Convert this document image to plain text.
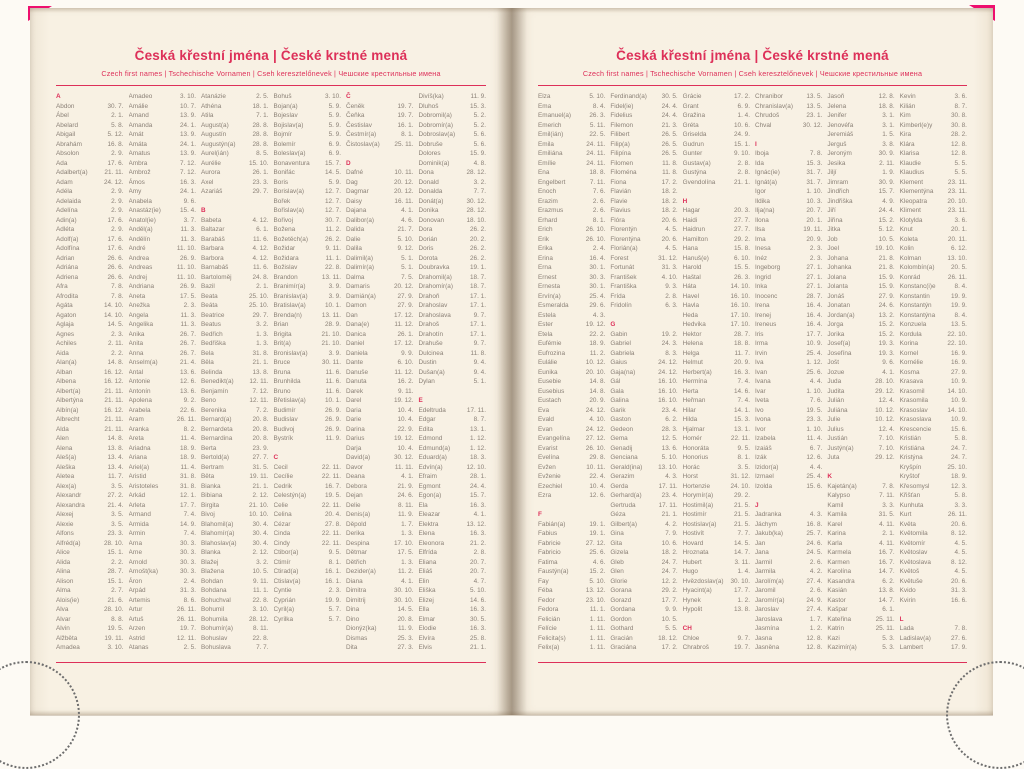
Česká křestní jména | České krstné mená
Czech first names | Tschechische Vornamen | Cseh keresztelőnevek | Чешские крестильные имена
A
Abdon	30. 7.
Ábel	2. 1.
Abelard	5. 8.
Abigail	5. 12.
Abrahám	16. 8.
Absolon	2. 9.
Ada	17. 6.
Adalbert(a)	21. 11.
Adam	24. 12.
Adéla	2. 9.
Adelaida	2. 9.
Adelína	2. 9.
Adin(a)	17. 6.
Adléta	2. 9.
Adolf(a)	17. 6.
Adolfína	17. 6.
Adrian	26. 6.
Adriána	26. 6.
Adriena	26. 6.
Afra	7. 8.
Afrodita	7. 8.
Agáta	14. 10.
Agaton	14. 10.
Aglaja	14. 5.
Agnes	2. 3.
Achiles	2. 11.
Aida	2. 2.
Alan(a)	14. 8.
Alban	16. 12.
Albena	16. 12.
Albert(a)	21. 11.
Albertýna	21. 11.
Albín(a)	16. 12.
Albrecht	21. 11.
Alda	21. 11.
Alen	14. 8.
Alena	13. 8.
Aleš(a)	13. 4.
Aleška	13. 4.
Aletea	11. 7.
Alex(a)	3. 5.
Alexandr	27. 2.
Alexandra	21. 4.
Alexej	3. 5.
Alexie	3. 5.
Alfons	23. 3.
Alfréd(a)	28. 10.
Alice	15. 1.
Alida	2. 2.
Alina	28. 7.
Alison	15. 1.
Alma	2. 7.
Alois(ie)	21. 6.
Alva	28. 10.
Alvar	8. 8.
Alvin	19. 5.
Alžběta	19. 11.
Amadea	3. 10.
Amadeo	3. 10.
Amálie	10. 7.
Amand	13. 9.
Amanda	24. 1.
Amát	13. 9.
Amáta	24. 1.
Amatus	13. 9.
Ambra	7. 12.
Ambrož	7. 12.
Ámos	16. 3.
Amy	24. 1.
Anabela	9. 6.
Anastáz(ie)	15. 4.
Anatol(ie)	3. 7.
Anděl(a)	11. 3.
Andělín	11. 3.
André	11. 10.
Andrea	26. 9.
Andreas	11. 10.
Andrej	11. 10.
Andriana	26. 9.
Aneta	17. 5.
Anežka	2. 3.
Angela	11. 3.
Angelika	11. 3.
Anika	26. 7.
Anita	26. 7.
Anna	26. 7.
Anselm(a)	21. 4.
Antal	13. 6.
Antonie	12. 6.
Antonín	13. 6.
Apolena	9. 2.
Arabela	22. 6.
Aram	26. 11.
Aranka	8. 2.
Areta	11. 4.
Ariadna	18. 9.
Ariana	18. 9.
Ariel(a)	11. 4.
Aristid	31. 8.
Aristoteles	31. 8.
Arkád	12. 1.
Arleta	17. 7.
Armand	7. 4.
Armida	14. 9.
Armin	7. 4.
Arna	30. 3.
Arne	30. 3.
Arnold	30. 3.
Arnošt(ka)	30. 3.
Áron	2. 4.
Arpád	31. 3.
Artemis	8. 6.
Artur	26. 11.
Artuš	26. 11.
Arzen	19. 7.
Astrid	12. 11.
Atanas	2. 5.
Atanázie	2. 5.
Athéna	18. 1.
Atila	7. 1.
August(a)	28. 8.
Augustín	28. 8.
Augustýn(a)	28. 8.
Aurel(ián)	8. 5.
Aurélie	15. 10.
Aurora	26. 1.
Axel	23. 3.
Azariáš	29. 7.
B
Babeta	4. 12.
Baltazar	6. 1.
Barabáš	11. 6.
Barbara	4. 12.
Barbora	4. 12.
Barnabáš	11. 6.
Bartoloměj	24. 8.
Bazil	2. 1.
Beata	25. 10.
Beáta	25. 10.
Beatrice	29. 7.
Beatus	3. 2.
Bedřich	1. 3.
Bedřiška	1. 3.
Bela	31. 8.
Běla	21. 1.
Belinda	13. 8.
Benedikt(a)	12. 11.
Benjamín	7. 12.
Beno	12. 11.
Berenika	7. 2.
Bernard(a)	20. 8.
Bernardeta	20. 8.
Bernardina	20. 8.
Berta	23. 9.
Bertold(a)	27. 7.
Bertram	31. 5.
Běta	19. 11.
Bianka	21. 1.
Bibiana	2. 12.
Birgita	21. 10.
Bivoj	10. 10.
Blahomil(a)	30. 4.
Blahomír(a)	30. 4.
Blahoslav(a)	30. 4.
Blanka	2. 12.
Blažej	3. 2.
Blažena	10. 5.
Bohdan	9. 11.
Bohdana	11. 1.
Bohuchval	22. 8.
Bohumil	3. 10.
Bohumila	28. 12.
Bohumír(a)	8. 11.
Bohuslav	22. 8.
Bohuslava	7. 7.
Bohuš	3. 10.
Bojan(a)	5. 9.
Bojeslav	5. 9.
Bojislav(a)	5. 9.
Bojmír	5. 9.
Bolemír	6. 9.
Boleslav(a)	6. 9.
Bonaventura	15. 7.
Bonifác	14. 5.
Boris	5. 9.
Borislav(a)	12. 7.
Bořek	12. 7.
Bořislav(a)	12. 7.
Bořivoj	30. 7.
Božena	11. 2.
Božetěch(a)	26. 2.
Božidar	9. 11.
Božidara	11. 1.
Božislav	22. 8.
Brandon	13. 11.
Branimír(a)	3. 9.
Branislav(a)	3. 9.
Bratislav(a)	10. 1.
Brenda(n)	13. 11.
Brian	28. 9.
Brigita	21. 10.
Brit(a)	21. 10.
Bronislav(a)	3. 9.
Bruce	30. 11.
Bruna	11. 6.
Brunhilda	11. 6.
Bruno	11. 6.
Břetislav(a)	10. 1.
Budimír	26. 9.
Budislav	26. 9.
Budivoj	26. 9.
Bystrík	11. 9.
C
Cecil	22. 11.
Cecílie	22. 11.
Cedrik	16. 7.
Celestýn(a)	19. 5.
Celie	22. 11.
Celina	20. 4.
Cézar	27. 8.
Cinda	22. 11.
Cindy	22. 11.
Ctibor(a)	9. 5.
Ctimír	8. 1.
Ctirad(a)	16. 1.
Ctislav(a)	16. 1.
Cyntie	2. 3.
Cyprián	19. 9.
Cyril(a)	5. 7.
Cyrilka	5. 7.
Č
Čeněk	19. 7.
Čeňka	19. 7.
Čestislav	16. 1.
Čestmír(a)	8. 1.
Čistoslav(a)	25. 11.
D
Dafné	10. 11.
Dag	20. 12.
Dagmar	20. 12.
Daisy	16. 11.
Dajana	4. 1.
Dalibor(a)	4. 6.
Dalida	21. 7.
Dalie	5. 10.
Dalila	9. 12.
Dalimil(a)	5. 1.
Dalimír(a)	5. 1.
Dalma	7. 5.
Damaris	20. 12.
Damián(a)	27. 9.
Damon	27. 9.
Dan	17. 12.
Dana(e)	11. 12.
Danica	26. 1.
Daniel	17. 12.
Daniela	9. 9.
Dante	6. 10.
Danuše	11. 12.
Danuta	16. 2.
Darek	9. 11.
Darel	19. 12.
Daria	10. 4.
Darie	10. 4.
Darina	22. 9.
Darius	19. 12.
Darja	10. 4.
David(a)	30. 12.
Davor	11. 11.
Deana	4. 1.
Debora	21. 9.
Dejan	24. 6.
Delie	8. 11.
Denis(a)	11. 9.
Děpold	1. 7.
Derika	1. 3.
Despina	17. 10.
Dětmar	17. 5.
Dětřich	1. 3.
Dezider(a)	11. 2.
Diana	4. 1.
Dimitra	30. 10.
Dimitrij	30. 10.
Dina	14. 5.
Dino	20. 8.
Dionýz(ka)	11. 9.
Dismas	25. 3.
Dita	27. 3.
Divíš(ka)	11. 9.
Dluhoš	15. 3.
Dobromil(a)	5. 2.
Dobromír(a)	5. 2.
Dobroslav(a)	5. 6.
Dobruše	5. 6.
Dolores	15. 9.
Dominik(a)	4. 8.
Dona	28. 12.
Donald	3. 2.
Donalda	7. 7.
Donát(a)	30. 12.
Donika	28. 12.
Donovan	18. 10.
Dora	26. 2.
Dorián	20. 2.
Doris	26. 2.
Dorota	26. 2.
Doubravka	19. 1.
Drahomil(a)	18. 7.
Drahomír(a)	18. 7.
Drahoň	17. 1.
Drahoslav	17. 1.
Drahoslava	9. 7.
Drahoš	17. 1.
Drahotín	17. 1.
Drahuše	9. 7.
Dulcinea	11. 8.
Dustin	9. 4.
Dušan(a)	9. 4.
Dylan	5. 1.
E
Edeltruda	17. 11.
Edgar	8. 7.
Edita	13. 1.
Edmond	1. 12.
Edmund(a)	1. 12.
Eduard(a)	18. 3.
Edvín(a)	12. 10.
Efraim	28. 1.
Egmont	24. 4.
Egon(a)	15. 7.
Ela	16. 3.
Eleazar	4. 1.
Elektra	13. 12.
Elena	16. 3.
Eleonora	21. 2.
Elfrída	2. 8.
Eliana	20. 7.
Eliáš	20. 7.
Elin	4. 7.
Eliška	5. 10.
Elizej	14. 6.
Ella	16. 3.
Elmar	30. 5.
Elodie	16. 3.
Elvíra	25. 8.
Elvis	21. 1.
Česká křestní jména | České krstné mená
Czech first names | Tschechische Vornamen | Cseh keresztelőnevek | Чешские крестильные имена
Elza	5. 10.
Ema	8. 4.
Emanuel(a)	26. 3.
Emerich	5. 11.
Emil(ián)	22. 5.
Emila	24. 11.
Emiliána	24. 11.
Emílie	24. 11.
Ena	18. 8.
Engelbert	7. 11.
Enoch	7. 6.
Erazim	2. 6.
Erazmus	2. 6.
Erhard	8. 1.
Erich	26. 10.
Erik	26. 10.
Erika	2. 4.
Erina	16. 4.
Erna	30. 1.
Ernest	30. 3.
Ernesta	30. 1.
Ervín(a)	25. 4.
Esmeralda	29. 6.
Estela	4. 3.
Ester	19. 12.
Etela	22. 2.
Eufémie	18. 9.
Eufrozina	11. 2.
Eulálie	10. 12.
Eunika	20. 10.
Eusebie	14. 8.
Eusebius	14. 8.
Eustach	20. 9.
Eva	24. 12.
Evald	4. 10.
Evan	24. 12.
Evangelína	27. 12.
Evarist	26. 10.
Evelína	29. 8.
Evžen	10. 11.
Evženie	22. 4.
Ezechiel	10. 4.
Ezra	12. 6.
F
Fabián(a)	19. 1.
Fabius	19. 1.
Fabricie	27. 12.
Fabricio	25. 6.
Fatima	4. 6.
Faustýn(a)	15. 2.
Fay	5. 10.
Féba	13. 12.
Fedor	23. 10.
Fedora	11. 1.
Felicián	1. 11.
Felície	1. 11.
Felicita(s)	1. 11.
Felix(a)	1. 11.
Ferdinand(a)	30. 5.
Fidel(ie)	24. 4.
Fidelius	24. 4.
Filemon	21. 3.
Filibert	26. 5.
Filip(a)	26. 5.
Filipína	26. 5.
Filomen	11. 8.
Filoména	11. 8.
Fiona	17. 2.
Flavián	18. 2.
Flavie	18. 2.
Flavius	18. 2.
Flóra	20. 6.
Florentýn	4. 5.
Florentýna	20. 6.
Florián(a)	4. 5.
Forest	31. 12.
Fortunát	31. 3.
František	4. 10.
Františka	9. 3.
Frída	2. 8.
Fridolín	6. 3.
G
Gabin	19. 2.
Gabriel	24. 3.
Gabriela	8. 3.
Gaius	24. 12.
Gaja(na)	24. 12.
Gál	16. 10.
Gala	16. 10.
Galina	16. 10.
Garik	23. 4.
Gaston	6. 2.
Gedeon	28. 3.
Gema	12. 5.
Genadij	13. 6.
Genciana	5. 10.
Gerald(ina)	13. 10.
Gerazim	4. 3.
Gerda	17. 11.
Gerhard(a)	23. 4.
Gertruda	17. 11.
Géza	21. 1.
Gilbert(a)	4. 2.
Gina	7. 9.
Gita	10. 6.
Gizela	18. 2.
Gleb	24. 7.
Glen	24. 7.
Glorie	12. 2.
Gorana	29. 2.
Gorazd	17. 7.
Gordana	9. 9.
Gordon	10. 5.
Gothard	5. 5.
Gracián	18. 12.
Graciána	17. 2.
Grácie	17. 2.
Grant	6. 9.
Gražina	1. 4.
Gréta	10. 6.
Griselda	24. 9.
Gudrun	15. 1.
Gunter	9. 10.
Gustav(a)	2. 8.
Gustýna	2. 8.
Gvendolína	21. 1.
H
Hagar	20. 3.
Haidi	27. 7.
Haidrun	27. 7.
Hamilton	29. 2.
Hana	15. 8.
Hanuš(e)	6. 10.
Harold	15. 5.
Haštal	26. 3.
Háta	14. 10.
Havel	16. 10.
Havla	16. 10.
Heda	17. 10.
Hedvika	17. 10.
Hektor	28. 7.
Helena	18. 8.
Helga	11. 7.
Helmut	20. 9.
Herbert(a)	16. 3.
Hermína	7. 4.
Herta	14. 6.
Heřman	7. 4.
Hilar	14. 1.
Hilda	15. 3.
Hjalmar	13. 1.
Homér	22. 11.
Honoráta	9. 5.
Honorius	8. 1.
Horác	3. 5.
Horst	31. 12.
Hortenzie	24. 10.
Horymír(a)	29. 2.
Hostimil(a)	21. 5.
Hostimír	21. 5.
Hostislav(a)	21. 5.
Hostivít	7. 7.
Hovard	14. 5.
Hroznata	14. 7.
Hubert	3. 11.
Hugo	1. 4.
Hvězdoslav(a)	30. 10.
Hyacint(a)	17. 7.
Hynek	1. 2.
Hypolit	13. 8.
CH
Chloe	9. 7.
Chrabroš	19. 7.
Chranibor	13. 5.
Chranislav(a)	13. 5.
Chrudoš	23. 1.
Chval	30. 12.
I
Iboja	7. 8.
Ida	15. 3.
Ignác(ie)	31. 7.
Ignát(a)	31. 7.
Igor	1. 10.
Ildika	10. 3.
Ilja(na)	20. 7.
Ilona	20. 1.
Ilsa	19. 11.
Ima	20. 9.
Inesa	2. 3.
Inéz	2. 3.
Ingeborg	27. 1.
Ingrid	27. 1.
Inka	27. 1.
Inocenc	28. 7.
Irena	16. 4.
Irenej	16. 4.
Ireneus	16. 4.
Iris	17. 7.
Irma	10. 9.
Irvin	25. 4.
Iva	1. 12.
Ivan	25. 6.
Ivana	4. 4.
Ivar	1. 10.
Iveta	7. 6.
Ivo	19. 5.
Ivona	23. 3.
Ivor	1. 10.
Izabela	11. 4.
Izaiáš	6. 7.
Izák	12. 6.
Izidor(a)	4. 4.
Izmael	25. 4.
Izolda	15. 6.
J
Jadranka	4. 3.
Jáchym	16. 8.
Jakub(ka)	25. 7.
Jan	24. 6.
Jana	24. 5.
Jarmil	2. 6.
Jarmila	4. 2.
Jarolím(a)	27. 4.
Jaromil	2. 6.
Jaromír(a)	24. 9.
Jaroslav	27. 4.
Jaroslava	1. 7.
Jasmína	1. 2.
Jasna	12. 8.
Jasněna	12. 8.
Jasoň	12. 8.
Jelena	18. 8.
Jenifer	3. 1.
Jenovéfa	3. 1.
Jeremiáš	1. 5.
Jerguš	3. 8.
Jeroným	30. 9.
Jesika	2. 11.
Jiljí	1. 9.
Jimram	30. 9.
Jindřich	15. 7.
Jindřiška	4. 9.
Jiří	24. 4.
Jiřina	15. 2.
Jitka	5. 12.
Job	10. 5.
Joel	19. 10.
Johana	21. 8.
Johanka	21. 8.
Jolana	15. 9.
Jolanta	15. 9.
Jonáš	27. 9.
Jonatan	24. 6.
Jordan(a)	13. 2.
Jorga	15. 2.
Jorika	15. 2.
Josef(a)	19. 3.
Josefína	19. 3.
Jošt	9. 6.
Jozue	4. 1.
Juda	28. 10.
Judita	29. 12.
Julián	12. 4.
Juliána	10. 12.
Julie	10. 12.
Julius	12. 4.
Justián	7. 10.
Justýn(a)	7. 10.
Juta	29. 12.
K
Kajetán(a)	7. 8.
Kalypso	7. 11.
Kamil	3. 3.
Kamila	31. 5.
Karel	4. 11.
Karina	2. 1.
Karla	4. 11.
Karmela	16. 7.
Karmen	16. 7.
Karolína	14. 7.
Kasandra	6. 2.
Kasián	13. 8.
Kastor	14. 7.
Kašpar	6. 1.
Kateřina	25. 11.
Katrin	25. 11.
Kazi	5. 3.
Kazimír(a)	5. 3.
Kevin	3. 6.
Kilián	8. 7.
Kim	30. 8.
Kimberl(e)y	30. 8.
Kira	28. 2.
Klára	12. 8.
Klarisa	12. 8.
Klaudie	5. 5.
Klaudius	5. 5.
Klement	23. 11.
Klementýna	23. 11.
Kleopatra	20. 10.
Kliment	23. 11.
Klotylda	3. 6.
Knut	20. 1.
Koleta	20. 11.
Kolin	6. 12.
Kolman	13. 10.
Kolombín(a)	20. 5.
Konrád	26. 11.
Konstanc(i)e	8. 4.
Konstantin	19. 9.
Konstantýn	19. 9.
Konstantýna	8. 4.
Konzuela	13. 5.
Kordula	22. 10.
Korina	22. 10.
Kornel	16. 9.
Kornélie	16. 9.
Kosma	27. 9.
Krasava	10. 9.
Krasomil	14. 10.
Krasomila	10. 9.
Krasoslav	14. 10.
Krasoslava	10. 9.
Krescencie	15. 6.
Kristián	5. 8.
Kristiána	24. 7.
Kristýna	24. 7.
Kryšpín	25. 10.
Kryštof	18. 9.
Křesomysl	12. 3.
Křišťan	5. 8.
Kunhuta	3. 3.
Kurt	26. 11.
Květa	20. 6.
Květomila	8. 12.
Květomír	4. 5.
Květoslav	4. 5.
Květoslava	8. 12.
Květoš	4. 5.
Květuše	20. 6.
Kvido	31. 3.
Kvirin	16. 6.
L
Lada	7. 8.
Ladislav(a)	27. 6.
Lambert	17. 9.
